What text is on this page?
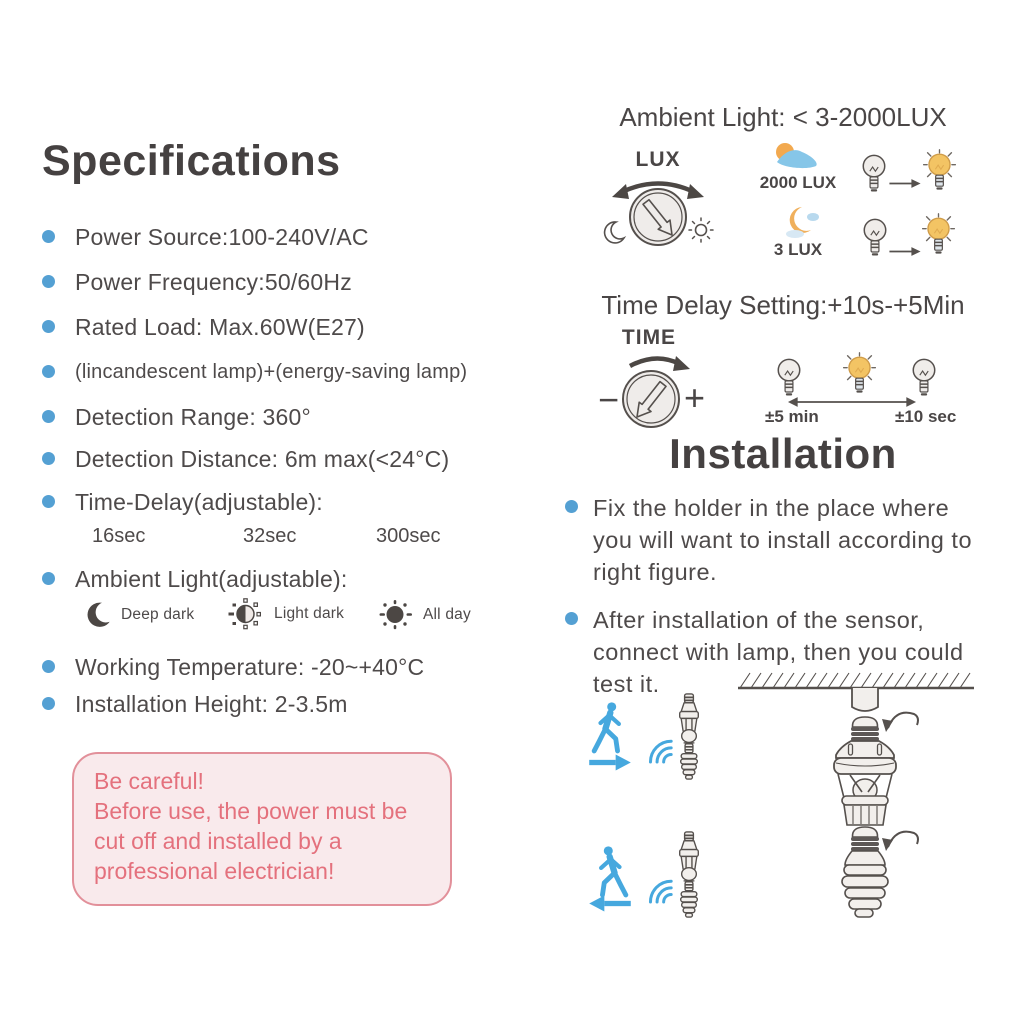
Specifications
Power Source:100-240V/AC
Power Frequency:50/60Hz
Rated Load: Max.60W(E27)
(lincandescent lamp)+(energy-saving lamp)
Detection Range: 360°
Detection Distance: 6m max(<24°C)
Time-Delay(adjustable):
16sec	32sec	300sec
Ambient Light(adjustable):
Deep dark	Light dark	All day
Working Temperature: -20~+40°C
Installation Height: 2-3.5m
Be careful!
Before use, the power must be cut off and installed by a professional electrician!
Ambient Light: < 3-2000LUX
LUX
2000 LUX
3 LUX
Time Delay Setting:+10s-+5Min
TIME
− +	±5 min	±10 sec
Installation
Fix the holder in the place where you will want to install according to right figure.
After installation of the sensor, connect with lamp, then you could test it.
